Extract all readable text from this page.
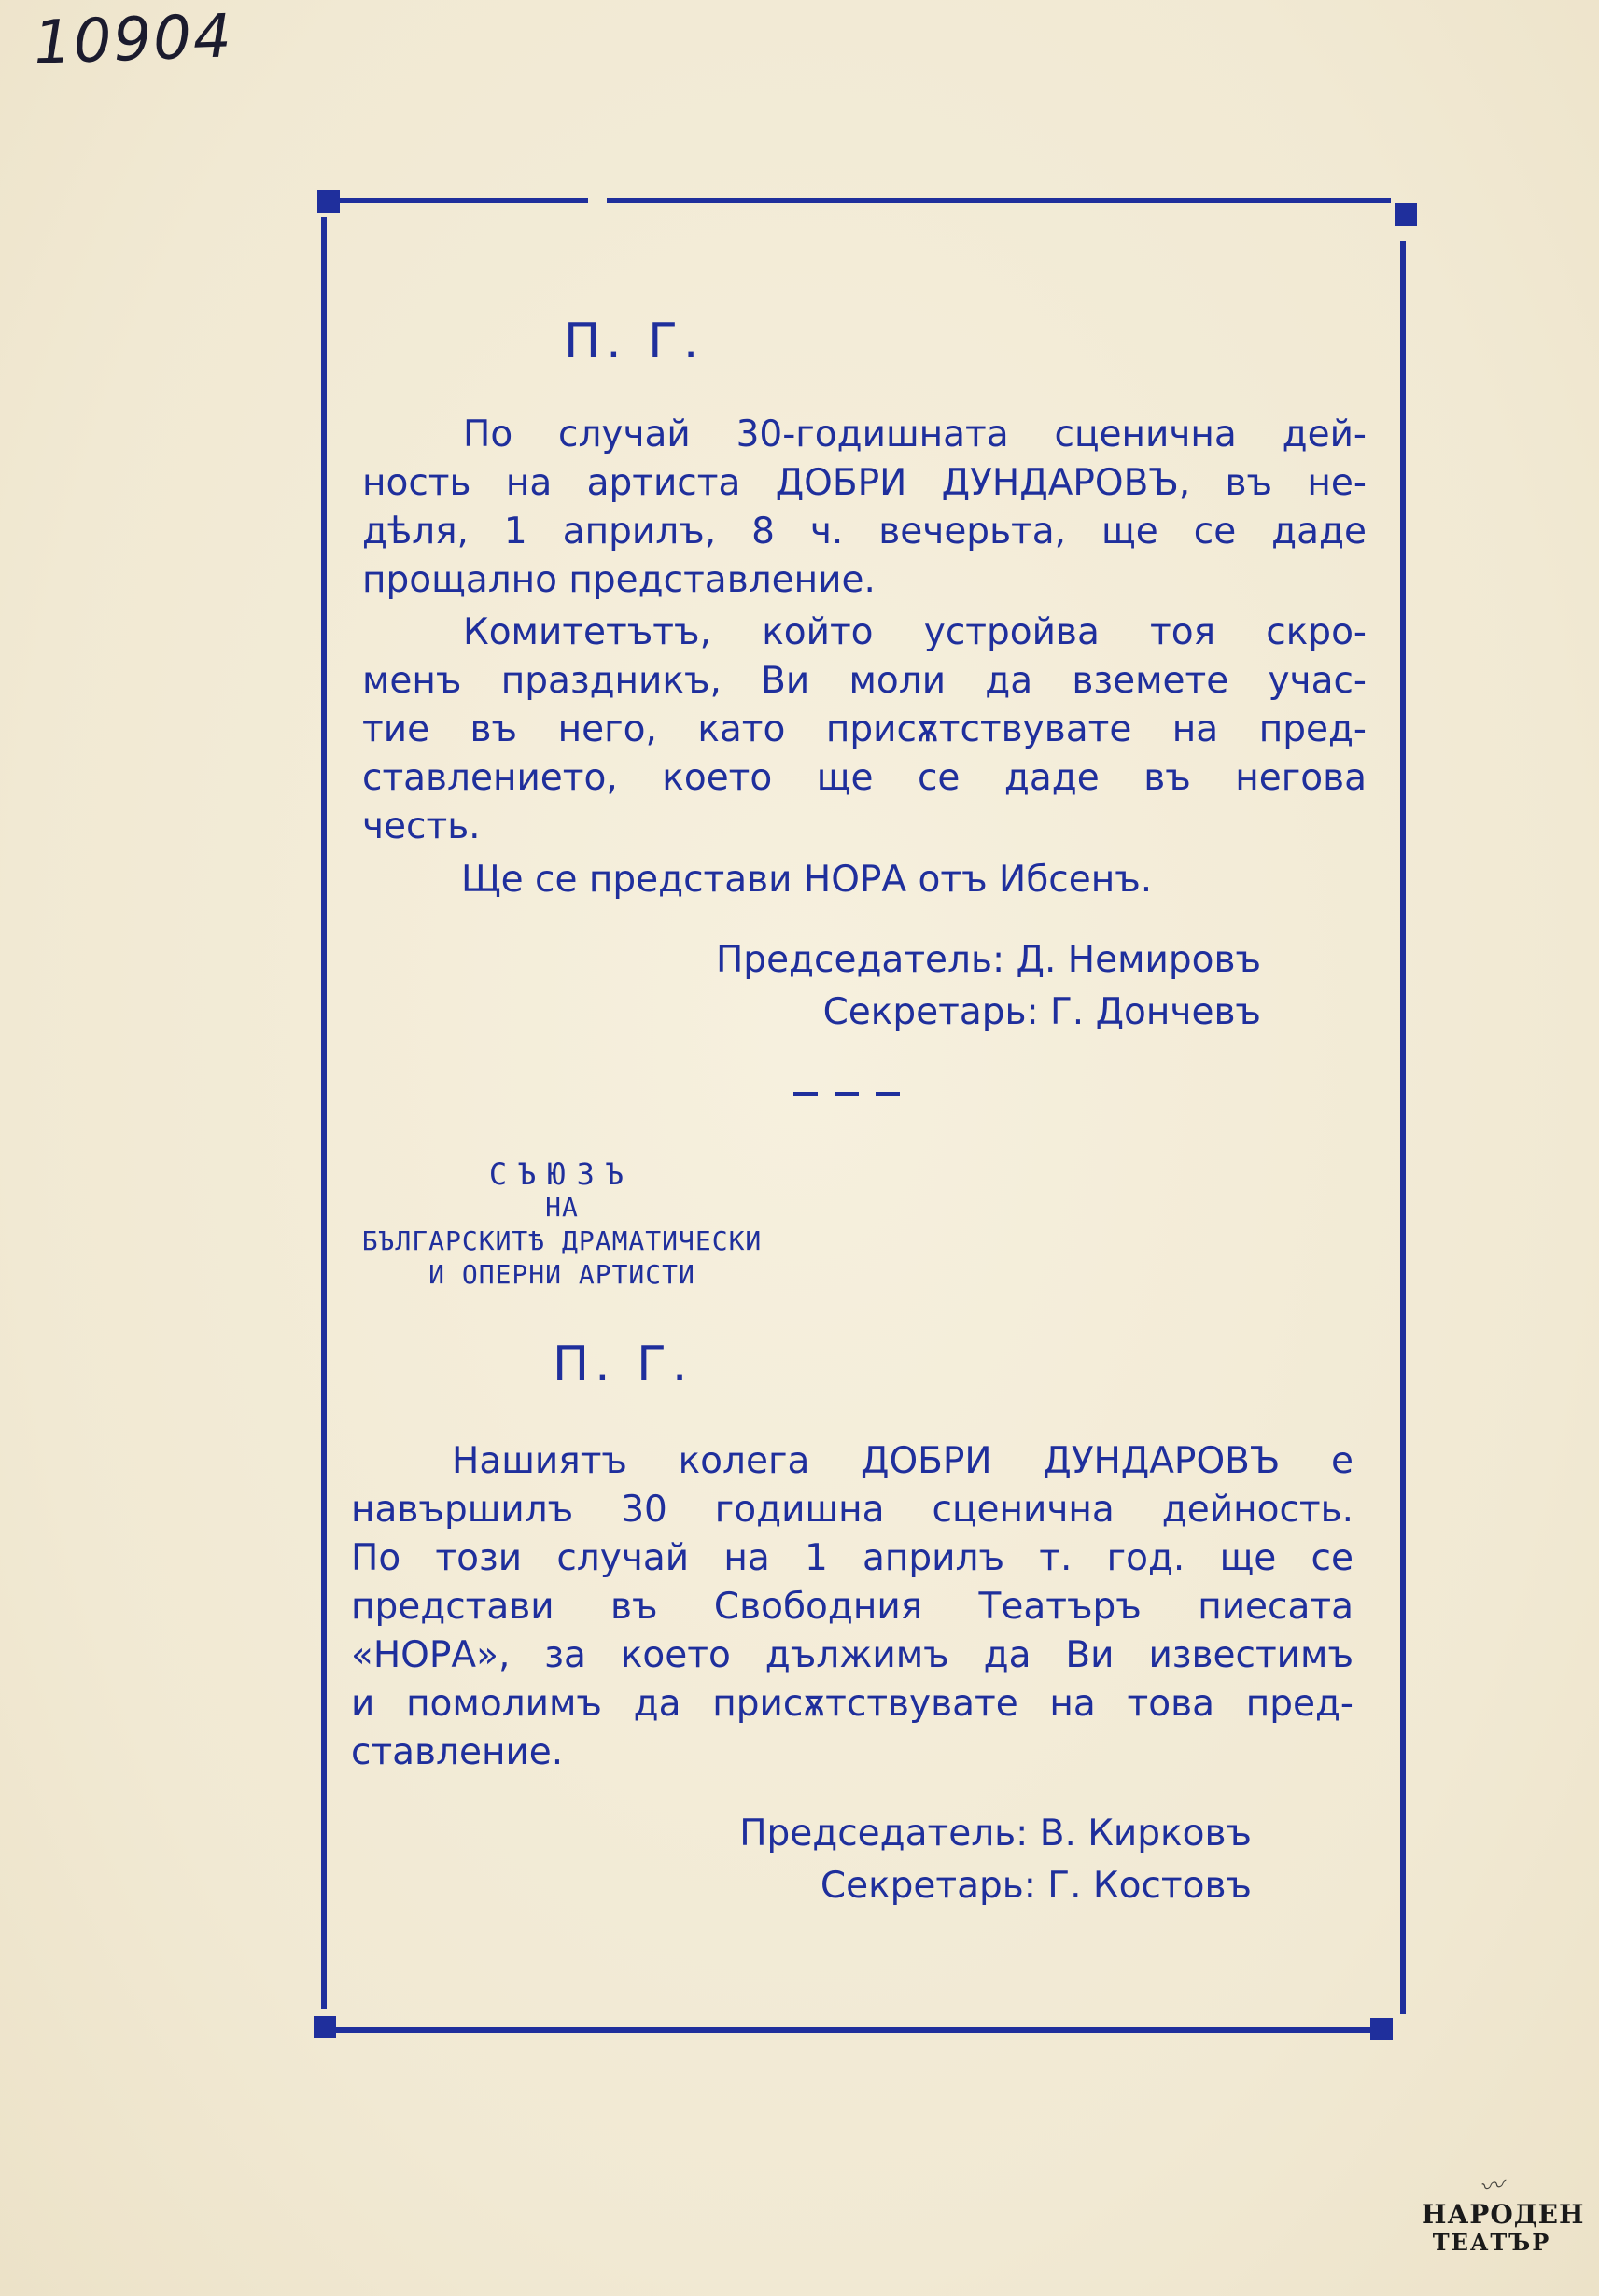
10904
П. Г.
По случай 30-годишната сценична дей-
ность на артиста ДОБРИ ДУНДАРОВЪ, въ не-
дѣля, 1 априлъ, 8 ч. вечерьта, ще се даде
прощално представление.
Комитетътъ, който устройва тоя скро-
менъ праздникъ, Ви моли да вземете учас-
тие въ него, като присѫтствувате на пред-
ставлението, което ще се даде въ негова
честь.
Ще се представи НОРА отъ Ибсенъ.
Председатель: Д. Немировъ
Секретарь: Г. Дончевъ
СЪЮЗЪ
НА
БЪЛГАРСКИТѢ ДРАМАТИЧЕСКИ
И ОПЕРНИ АРТИСТИ
П. Г.
Нашиятъ колега ДОБРИ ДУНДАРОВЪ е
навършилъ 30 годишна сценична дейность.
По този случай на 1 априлъ т. год. ще се
представи въ Свободния Театъръ пиесата
«НОРА», за което дължимъ да Ви известимъ
и помолимъ да присѫтствувате на това пред-
ставление.
Председатель: В. Кирковъ
Секретарь: Г. Костовъ
〰
НАРОДЕН
ТЕАТЪР
